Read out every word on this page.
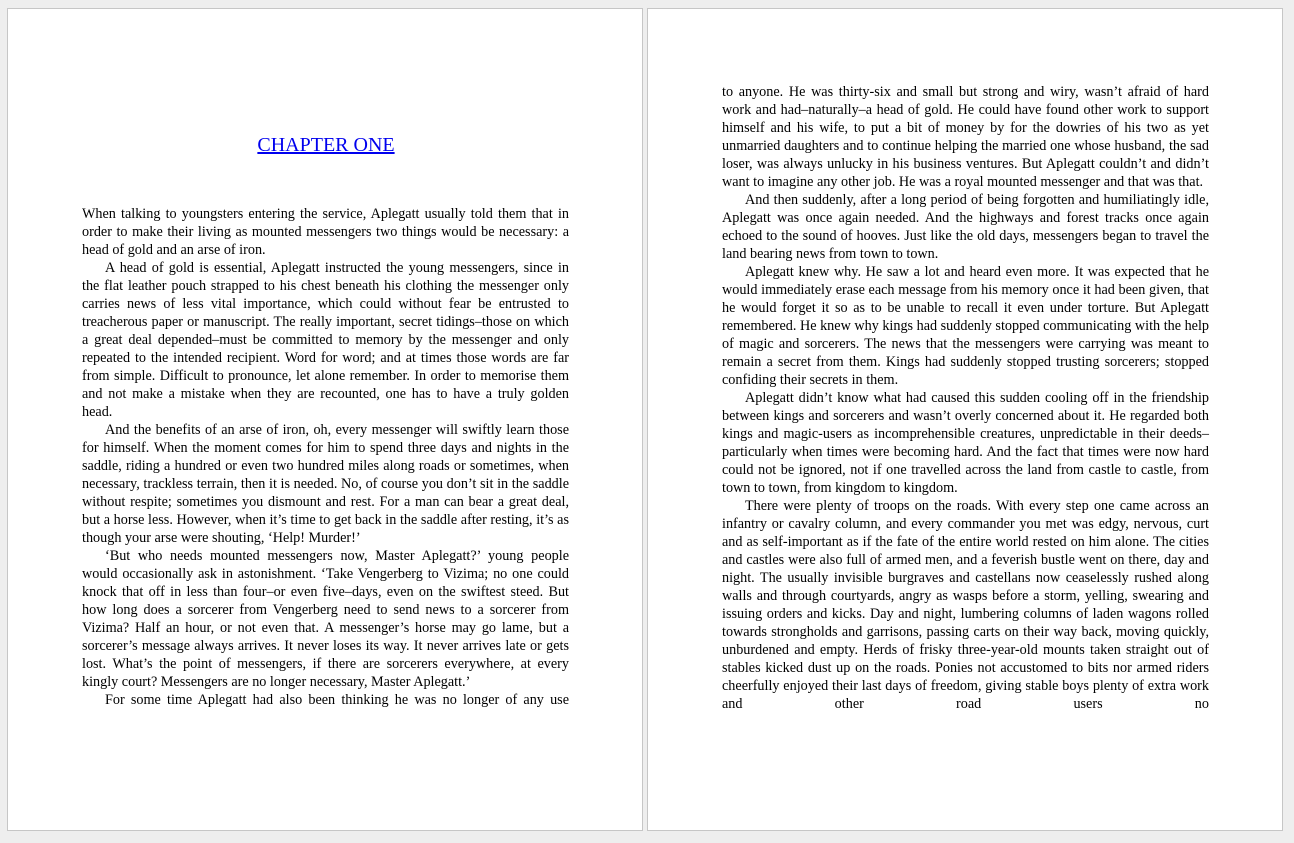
CHAPTER ONE

When talking to youngsters entering the service, Aplegatt usually told them that in order to make their living as mounted messengers two things would be necessary: a head of gold and an arse of iron.

A head of gold is essential, Aplegatt instructed the young messengers, since in the flat leather pouch strapped to his chest beneath his clothing the messenger only carries news of less vital importance, which could without fear be entrusted to treacherous paper or manuscript. The really important, secret tidings–those on which a great deal depended–must be committed to memory by the messenger and only repeated to the intended recipient. Word for word; and at times those words are far from simple. Difficult to pronounce, let alone remember. In order to memorise them and not make a mistake when they are recounted, one has to have a truly golden head.

And the benefits of an arse of iron, oh, every messenger will swiftly learn those for himself. When the moment comes for him to spend three days and nights in the saddle, riding a hundred or even two hundred miles along roads or sometimes, when necessary, trackless terrain, then it is needed. No, of course you don’t sit in the saddle without respite; sometimes you dismount and rest. For a man can bear a great deal, but a horse less. However, when it’s time to get back in the saddle after resting, it’s as though your arse were shouting, ‘Help! Murder!’

‘But who needs mounted messengers now, Master Aplegatt?’ young people would occasionally ask in astonishment. ‘Take Vengerberg to Vizima; no one could knock that off in less than four–or even five–days, even on the swiftest steed. But how long does a sorcerer from Vengerberg need to send news to a sorcerer from Vizima? Half an hour, or not even that. A messenger’s horse may go lame, but a sorcerer’s message always arrives. It never loses its way. It never arrives late or gets lost. What’s the point of messengers, if there are sorcerers everywhere, at every kingly court? Messengers are no longer necessary, Master Aplegatt.’

For some time Aplegatt had also been thinking he was no longer of any use

to anyone. He was thirty-six and small but strong and wiry, wasn’t afraid of hard work and had–naturally–a head of gold. He could have found other work to support himself and his wife, to put a bit of money by for the dowries of his two as yet unmarried daughters and to continue helping the married one whose husband, the sad loser, was always unlucky in his business ventures. But Aplegatt couldn’t and didn’t want to imagine any other job. He was a royal mounted messenger and that was that.

And then suddenly, after a long period of being forgotten and humiliatingly idle, Aplegatt was once again needed. And the highways and forest tracks once again echoed to the sound of hooves. Just like the old days, messengers began to travel the land bearing news from town to town.

Aplegatt knew why. He saw a lot and heard even more. It was expected that he would immediately erase each message from his memory once it had been given, that he would forget it so as to be unable to recall it even under torture. But Aplegatt remembered. He knew why kings had suddenly stopped communicating with the help of magic and sorcerers. The news that the messengers were carrying was meant to remain a secret from them. Kings had suddenly stopped trusting sorcerers; stopped confiding their secrets in them.

Aplegatt didn’t know what had caused this sudden cooling off in the friendship between kings and sorcerers and wasn’t overly concerned about it. He regarded both kings and magic-users as incomprehensible creatures, unpredictable in their deeds–particularly when times were becoming hard. And the fact that times were now hard could not be ignored, not if one travelled across the land from castle to castle, from town to town, from kingdom to kingdom.

There were plenty of troops on the roads. With every step one came across an infantry or cavalry column, and every commander you met was edgy, nervous, curt and as self-important as if the fate of the entire world rested on him alone. The cities and castles were also full of armed men, and a feverish bustle went on there, day and night. The usually invisible burgraves and castellans now ceaselessly rushed along walls and through courtyards, angry as wasps before a storm, yelling, swearing and issuing orders and kicks. Day and night, lumbering columns of laden wagons rolled towards strongholds and garrisons, passing carts on their way back, moving quickly, unburdened and empty. Herds of frisky three-year-old mounts taken straight out of stables kicked dust up on the roads. Ponies not accustomed to bits nor armed riders cheerfully enjoyed their last days of freedom, giving stable boys plenty of extra work and other road users no
